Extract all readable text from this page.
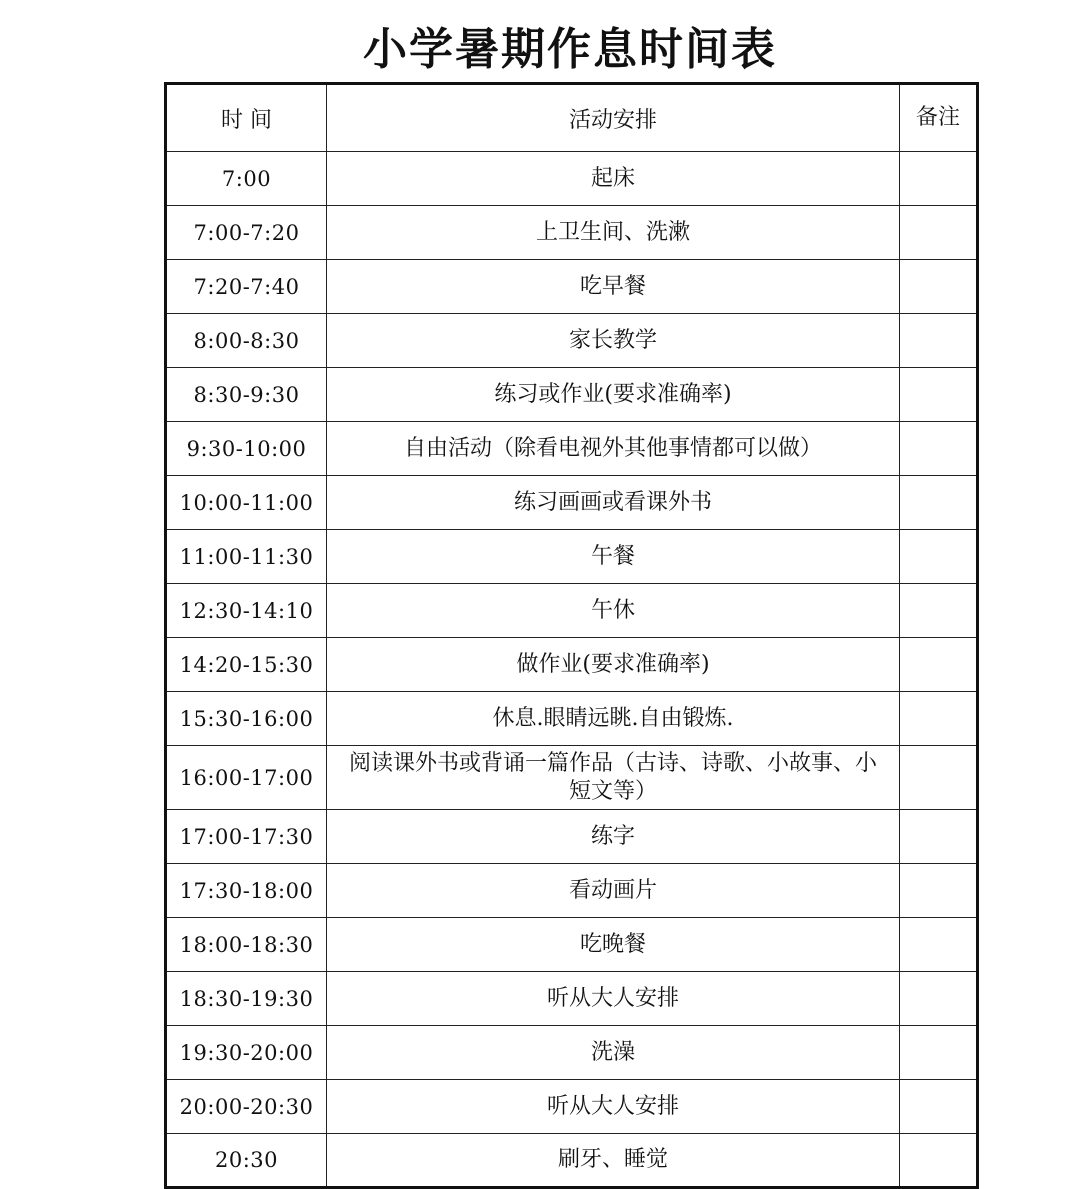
小学暑期作息时间表
时 间	活动安排	备注
7:00	起床	
7:00-7:20	上卫生间、洗漱	
7:20-7:40	吃早餐	
8:00-8:30	家长教学	
8:30-9:30	练习或作业(要求准确率)	
9:30-10:00	自由活动（除看电视外其他事情都可以做）	
10:00-11:00	练习画画或看课外书	
11:00-11:30	午餐	
12:30-14:10	午休	
14:20-15:30	做作业(要求准确率)	
15:30-16:00	休息.眼睛远眺.自由锻炼.	
16:00-17:00	阅读课外书或背诵一篇作品（古诗、诗歌、小故事、小短文等）	
17:00-17:30	练字	
17:30-18:00	看动画片	
18:00-18:30	吃晚餐	
18:30-19:30	听从大人安排	
19:30-20:00	洗澡	
20:00-20:30	听从大人安排	
20:30	刷牙、睡觉	
